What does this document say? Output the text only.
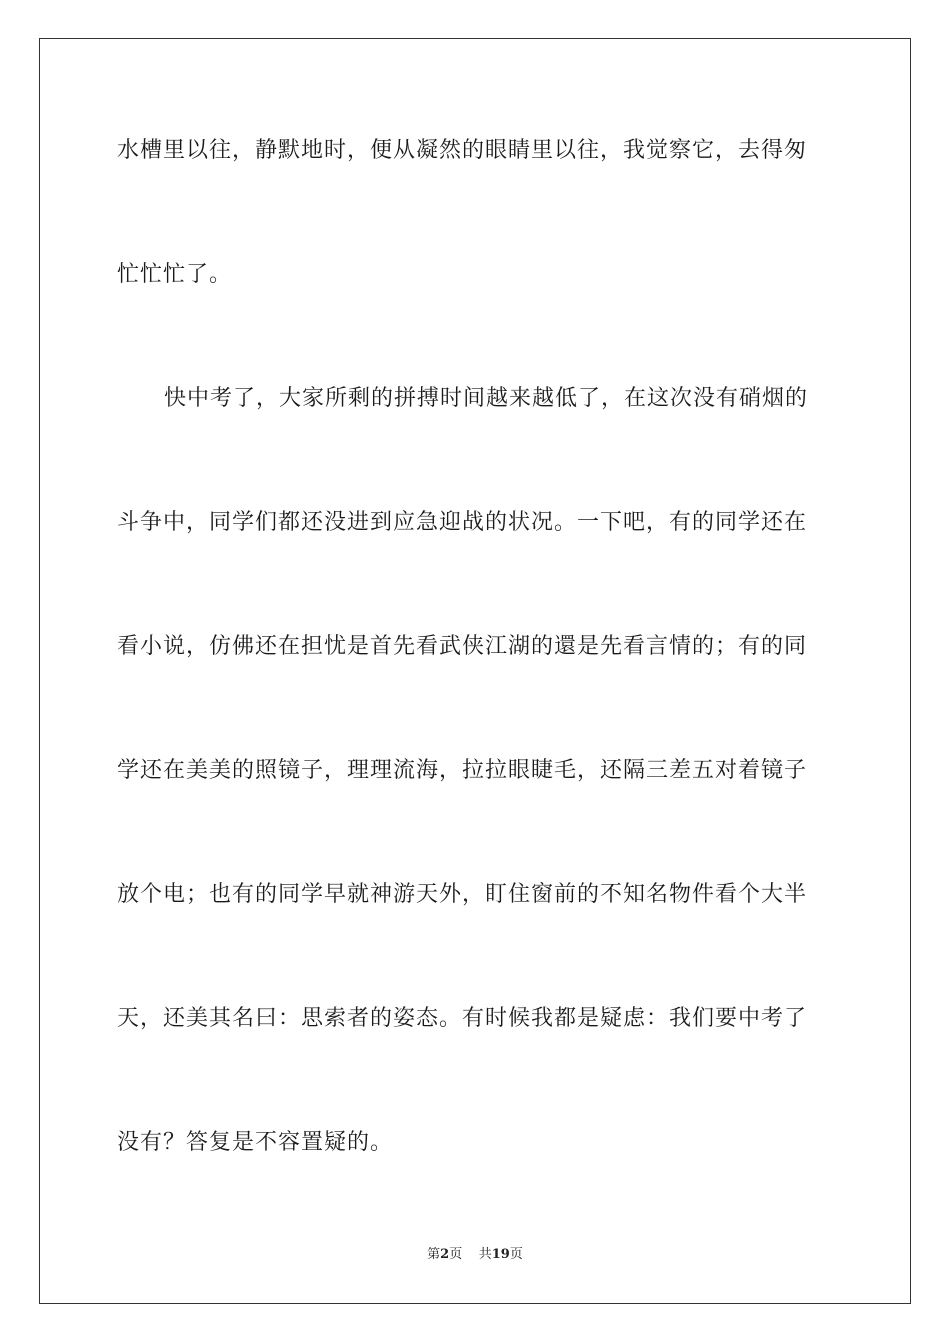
水槽里以往，静默地时，便从凝然的眼睛里以往，我觉察它，去得匆
忙忙忙了。
快中考了，大家所剩的拼搏时间越来越低了，在这次没有硝烟的
斗争中，同学们都还没进到应急迎战的状况。一下吧，有的同学还在
看小说，仿佛还在担忧是首先看武侠江湖的還是先看言情的；有的同
学还在美美的照镜子，理理流海，拉拉眼睫毛，还隔三差五对着镜子
放个电；也有的同学早就神游天外，盯住窗前的不知名物件看个大半
天，还美其名曰：思索者的姿态。有时候我都是疑虑：我们要中考了
没有？答复是不容置疑的。
第2页 共19页
